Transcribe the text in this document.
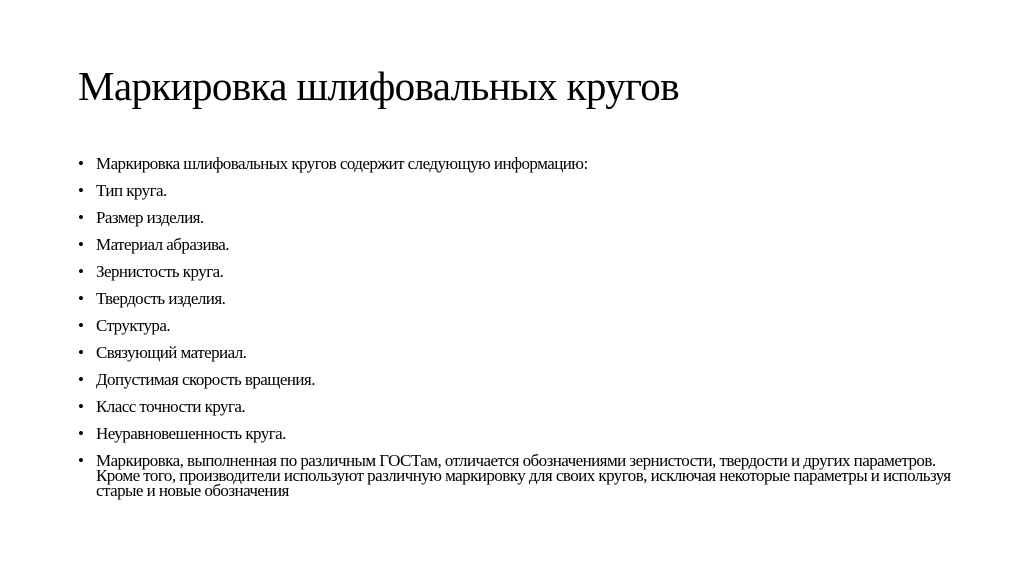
Маркировка шлифовальных кругов
• Маркировка шлифовальных кругов содержит следующую информацию:
• Тип круга.
• Размер изделия.
• Материал абразива.
• Зернистость круга.
• Твердость изделия.
• Структура.
• Связующий материал.
• Допустимая скорость вращения.
• Класс точности круга.
• Неуравновешенность круга.
• Маркировка, выполненная по различным ГОСТам, отличается обозначениями зернистости, твердости и других параметров. Кроме того, производители используют различную маркировку для своих кругов, исключая некоторые параметры и используя старые и новые обозначения
